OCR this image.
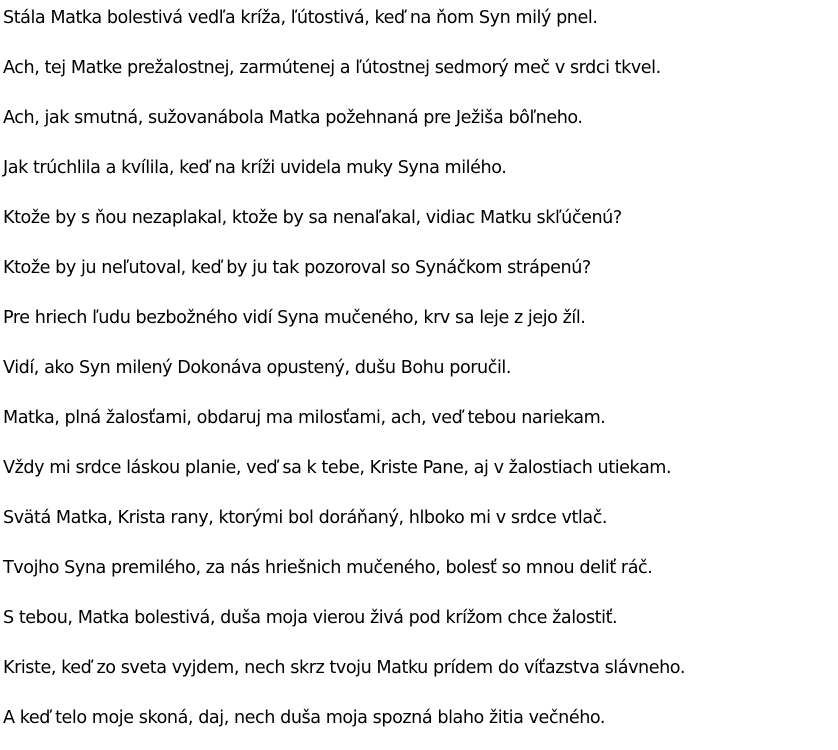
Stála Matka bolestivá vedľa kríža, ľútostivá, keď na ňom Syn milý pnel.

Ach, tej Matke prežalostnej, zarmútenej a ľútostnej sedmorý meč v srdci tkvel.

Ach, jak smutná, sužovanábola Matka požehnaná pre Ježiša bôľneho.

Jak trúchlila a kvílila, keď na kríži uvidela muky Syna milého.

Ktože by s ňou nezaplakal, ktože by sa nenaľakal, vidiac Matku skľúčenú?

Ktože by ju neľutoval, keď by ju tak pozoroval so Synáčkom strápenú?

Pre hriech ľudu bezbožného vidí Syna mučeného, krv sa leje z jejo žíl.

Vidí, ako Syn milený Dokonáva opustený, dušu Bohu poručil.

Matka, plná žalosťami, obdaruj ma milosťami, ach, veď tebou nariekam.

Vždy mi srdce láskou planie, veď sa k tebe, Kriste Pane, aj v žalostiach utiekam.

Svätá Matka, Krista rany, ktorými bol doráňaný, hlboko mi v srdce vtlač.

Tvojho Syna premilého, za nás hriešnich mučeného, bolesť so mnou deliť ráč.

S tebou, Matka bolestivá, duša moja vierou živá pod krížom chce žalostiť.

Kriste, keď zo sveta vyjdem, nech skrz tvoju Matku prídem do víťazstva slávneho.

A keď telo moje skoná, daj, nech duša moja spozná blaho žitia večného.
